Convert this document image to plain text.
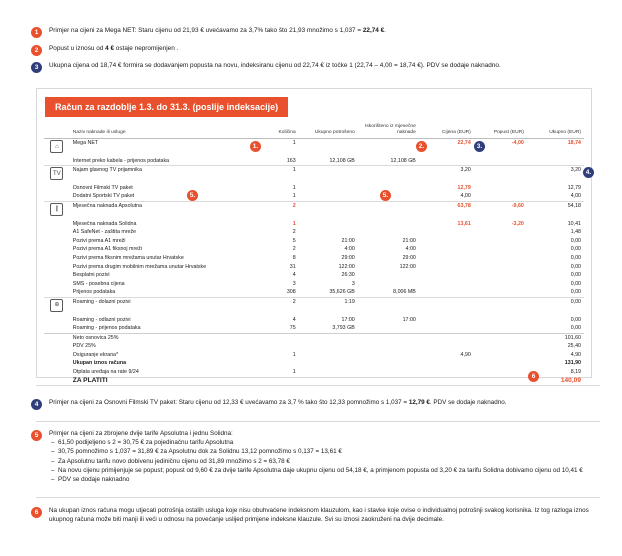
1	Primjer na cijeni za Mega NET: Staru cijenu od 21,93 € uvećavamo za 3,7% tako što 21,93 množimo s 1,037 = 22,74 €.
2	Popust u iznosu od 4 € ostaje nepromijenjen .
3	Ukupna cijena od 18,74 € formira se dodavanjem popusta na novu, indeksiranu cijenu od 22,74 € iz točke 1 (22,74 – 4,00 = 18,74 €). PDV se dodaje naknadno.
Račun za razdoblje 1.3. do 31.3. (poslije indeksacije)
	Naziv naknade ili usluge	Količina	Ukupno potrošeno	Iskorišteno iz mjesečne naknade	Cijena (EUR)	Popust (EUR)	Ukupno (EUR)

⌂	Mega NET	1			22,74	-4,00	18,74
	Internet preko kabela - prijenos podataka	163	12,108 GB	12,108 GB			

TV	Najam glavnog TV prijamnika	1			3,20		3,20
	Osnovni Filmski TV paket	1			12,79		12,79
	Dodatni Sportski TV paket	1			4,00		4,00

❙	Mjesečna naknada Apsolutna	2			63,78	-9,60	54,18
	Mjesečna naknada Solidna	1			13,61	-3,20	10,41
	A1 SafeNet - zaštita mreže	2					1,48
	Pozivi prema A1 mreži	5	21:00	21:00			0,00
	Pozivi prema A1 fiksnoj mreži	2	4:00	4:00			0,00
	Pozivi prema fiksnim mrežama unutar Hrvatske	8	29:00	29:00			0,00
	Pozivi prema drugim mobilnim mrežama unutar Hrvatske	31	122:00	122:00			0,00
	Besplatni pozivi	4	26:30				0,00
	SMS - posebna cijena	3	3				0,00
	Prijenos podataka	308	35,626 GB	8,006 MB			0,00

⊕	Roaming - dolazni pozivi	2	1:19				0,00
	Roaming - odlazni pozivi	4	17:00	17:00			0,00
	Roaming - prijenos podataka	75	3,793 GB				0,00
	Neto osnovica 25%						101,60
	PDV 25%						25,40
	Osiguranje ekrana*	1			4,90		4,90
	Ukupan iznos računa						131,90
	Otplata uređaja na rate 9/24	1					8,19
	ZA PLATITI						140,09
1.	2.	3.
4.
5.	5.
6
4	Primjer na cijeni za Osnovni Filmski TV paket: Staru cijenu od 12,33 € uvećavamo za 3,7 % tako što 12,33 pomnožimo s 1,037 = 12,79 €. PDV se dodaje naknadno.
5	Primjer na cijeni za zbrojene dvije tarife Apsolutna i jednu Solidna:
– 61,50 podijeljeno s 2 = 30,75 € za pojedinačnu tarifu Apsolutna
– 30,75 pomnožimo s 1,037 = 31,89 € za Apsolutnu dok za Solidnu 13,12 pomnožimo s 0,137 = 13,61 €
– Za Apsolutnu tarifu novo dobivenu jediničnu cijenu od 31,89 množimo s 2 = 63,78 €
– Na novu cijenu primijenjuje se popust; popust od 9,60 € za dvije tarife Apsolutna daje ukupnu cijenu od 54,18 €, a primjenom popusta od 3,20 € za tarifu Solidna dobivamo cijenu od 10,41 €
– PDV se dodaje naknadno
6	Na ukupan iznos računa mogu utjecati potrošnja ostalih usluga koje nisu obuhvaćene indeksnom klauzulom, kao i stavke koje ovise o individualnoj potrošnji svakog korisnika. Iz tog razloga iznos ukupnog računa može biti manji ili veći u odnosu na povećanje uslijed primjene indeksne klauzule. Svi su iznosi zaokruženi na dvije decimale.
